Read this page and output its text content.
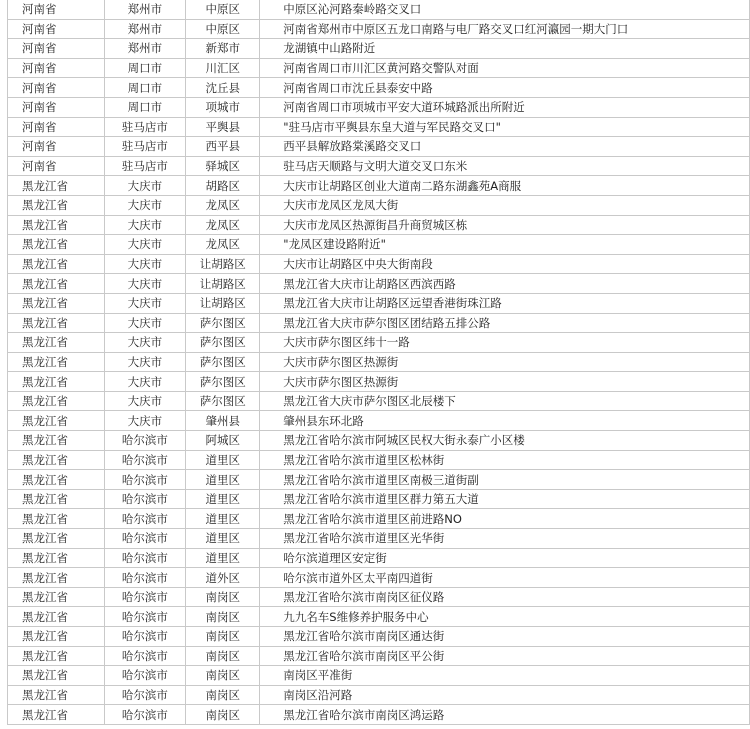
河南省	郑州市	中原区	中原区沁河路秦岭路交叉口
河南省	郑州市	中原区	河南省郑州市中原区五龙口南路与电厂路交叉口红河瀛园一期大门口
河南省	郑州市	新郑市	龙湖镇中山路附近
河南省	周口市	川汇区	河南省周口市川汇区黄河路交警队对面
河南省	周口市	沈丘县	河南省周口市沈丘县泰安中路
河南省	周口市	项城市	河南省周口市项城市平安大道环城路派出所附近
河南省	驻马店市	平舆县	"驻马店市平舆县东皇大道与军民路交叉口"
河南省	驻马店市	西平县	西平县解放路棠溪路交叉口
河南省	驻马店市	驿城区	驻马店天顺路与文明大道交叉口东米
黑龙江省	大庆市	胡路区	大庆市让胡路区创业大道南二路东湖鑫苑A商服
黑龙江省	大庆市	龙凤区	大庆市龙凤区龙凤大街
黑龙江省	大庆市	龙凤区	大庆市龙凤区热源街昌升商贸城区栋
黑龙江省	大庆市	龙凤区	"龙凤区建设路附近"
黑龙江省	大庆市	让胡路区	大庆市让胡路区中央大街南段
黑龙江省	大庆市	让胡路区	黑龙江省大庆市让胡路区西滨西路
黑龙江省	大庆市	让胡路区	黑龙江省大庆市让胡路区远望香港街珠江路
黑龙江省	大庆市	萨尔图区	黑龙江省大庆市萨尔图区团结路五排公路
黑龙江省	大庆市	萨尔图区	大庆市萨尔图区纬十一路
黑龙江省	大庆市	萨尔图区	大庆市萨尔图区热源街
黑龙江省	大庆市	萨尔图区	大庆市萨尔图区热源街
黑龙江省	大庆市	萨尔图区	黑龙江省大庆市萨尔图区北辰楼下
黑龙江省	大庆市	肇州县	肇州县东环北路
黑龙江省	哈尔滨市	阿城区	黑龙江省哈尔滨市阿城区民权大街永泰广小区楼
黑龙江省	哈尔滨市	道里区	黑龙江省哈尔滨市道里区松林街
黑龙江省	哈尔滨市	道里区	黑龙江省哈尔滨市道里区南极三道街副
黑龙江省	哈尔滨市	道里区	黑龙江省哈尔滨市道里区群力第五大道
黑龙江省	哈尔滨市	道里区	黑龙江省哈尔滨市道里区前进路NO
黑龙江省	哈尔滨市	道里区	黑龙江省哈尔滨市道里区光华街
黑龙江省	哈尔滨市	道里区	哈尔滨道理区安定街
黑龙江省	哈尔滨市	道外区	哈尔滨市道外区太平南四道街
黑龙江省	哈尔滨市	南岗区	黑龙江省哈尔滨市南岗区征仪路
黑龙江省	哈尔滨市	南岗区	九九名车S维修养护服务中心
黑龙江省	哈尔滨市	南岗区	黑龙江省哈尔滨市南岗区通达街
黑龙江省	哈尔滨市	南岗区	黑龙江省哈尔滨市南岗区平公街
黑龙江省	哈尔滨市	南岗区	南岗区平准街
黑龙江省	哈尔滨市	南岗区	南岗区沿河路
黑龙江省	哈尔滨市	南岗区	黑龙江省哈尔滨市南岗区鸿运路
